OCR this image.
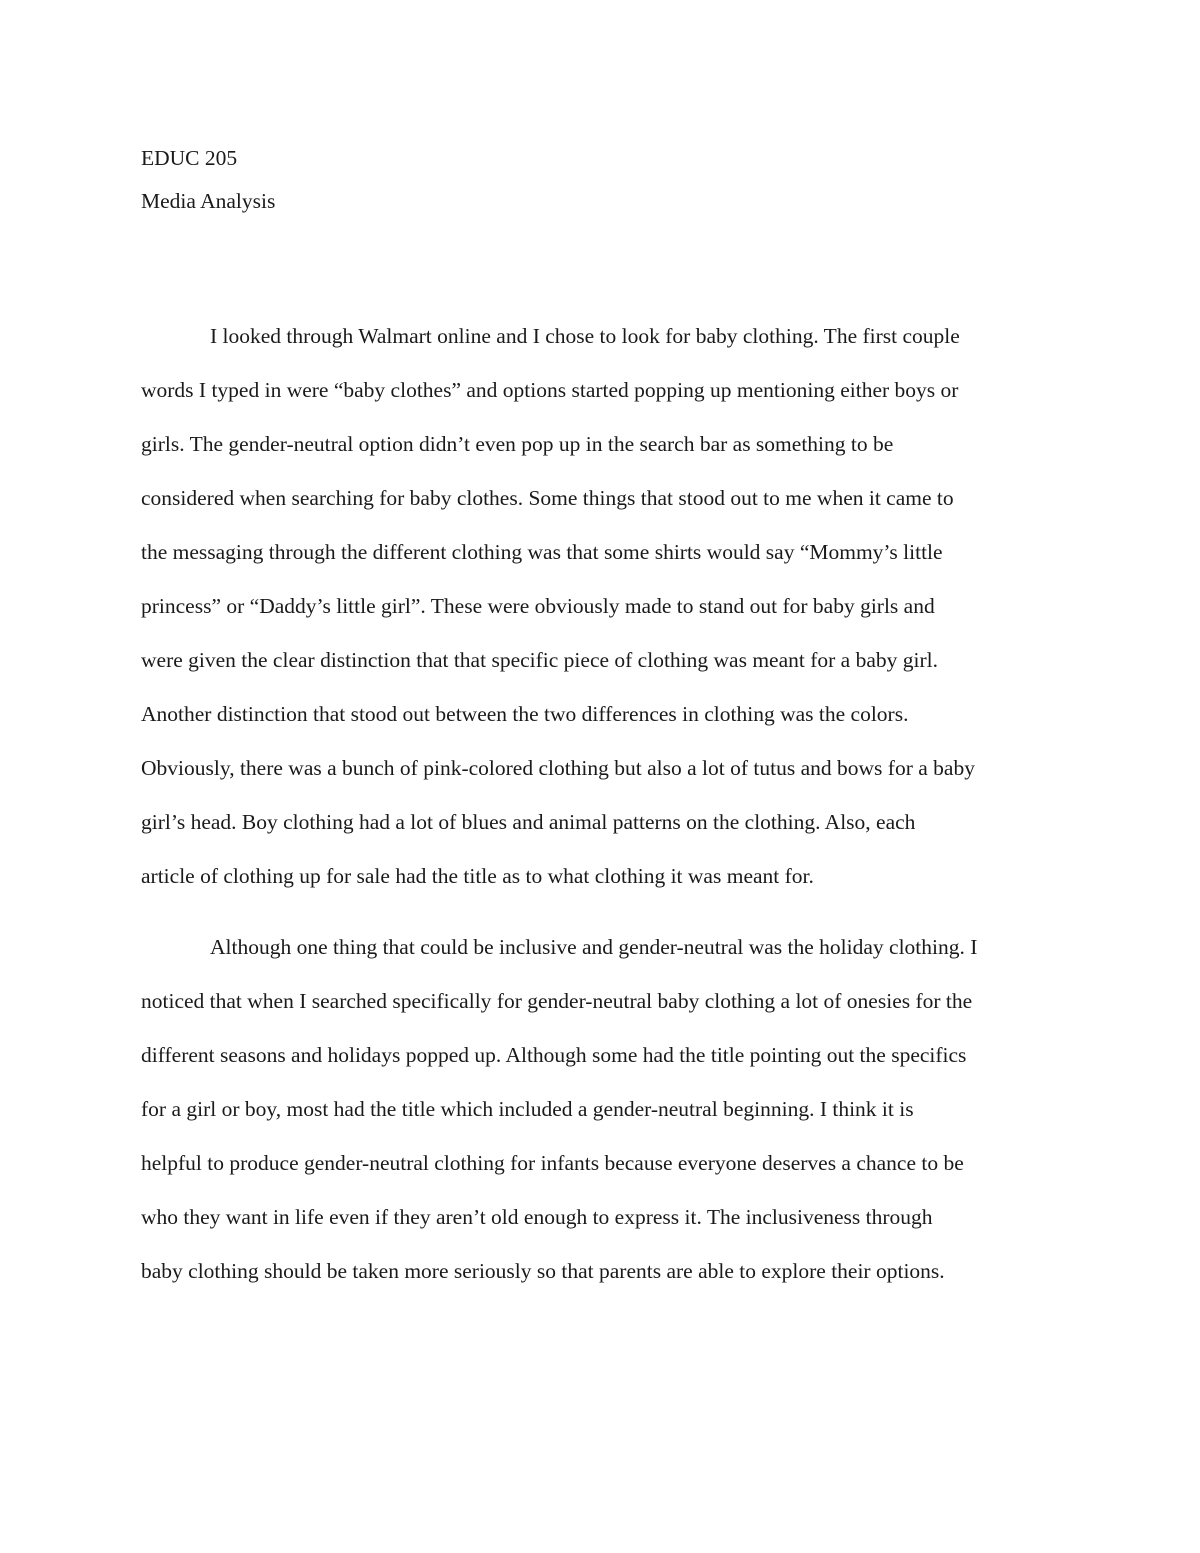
EDUC 205
Media Analysis
I looked through Walmart online and I chose to look for baby clothing. The first couple
words I typed in were “baby clothes” and options started popping up mentioning either boys or
girls. The gender-neutral option didn’t even pop up in the search bar as something to be
considered when searching for baby clothes. Some things that stood out to me when it came to
the messaging through the different clothing was that some shirts would say “Mommy’s little
princess” or “Daddy’s little girl”. These were obviously made to stand out for baby girls and
were given the clear distinction that that specific piece of clothing was meant for a baby girl.
Another distinction that stood out between the two differences in clothing was the colors.
Obviously, there was a bunch of pink-colored clothing but also a lot of tutus and bows for a baby
girl’s head. Boy clothing had a lot of blues and animal patterns on the clothing. Also, each
article of clothing up for sale had the title as to what clothing it was meant for.
Although one thing that could be inclusive and gender-neutral was the holiday clothing. I
noticed that when I searched specifically for gender-neutral baby clothing a lot of onesies for the
different seasons and holidays popped up. Although some had the title pointing out the specifics
for a girl or boy, most had the title which included a gender-neutral beginning. I think it is
helpful to produce gender-neutral clothing for infants because everyone deserves a chance to be
who they want in life even if they aren’t old enough to express it. The inclusiveness through
baby clothing should be taken more seriously so that parents are able to explore their options.
